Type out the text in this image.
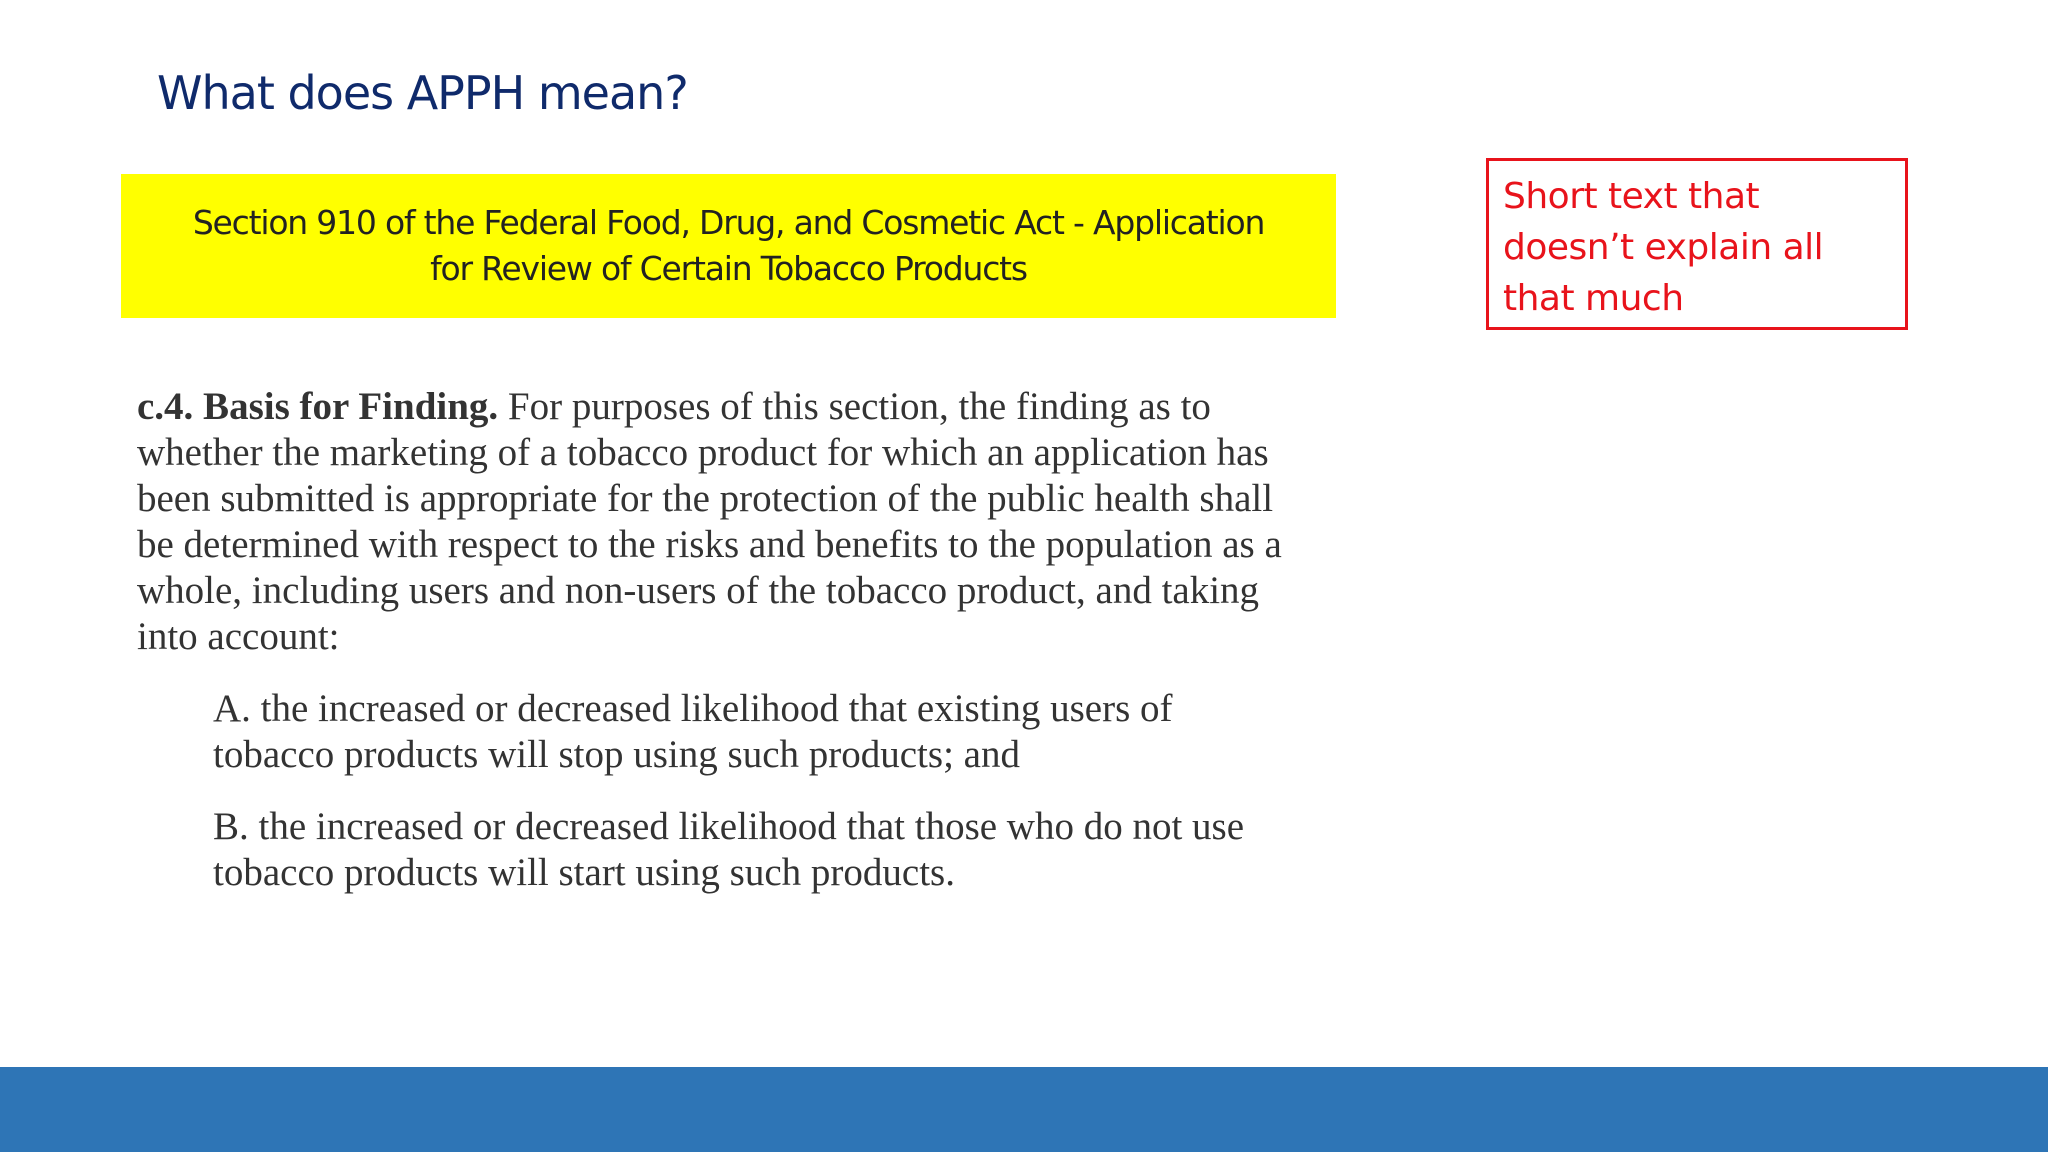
What does APPH mean?

Section 910 of the Federal Food, Drug, and Cosmetic Act - Application for Review of Certain Tobacco Products

Short text that doesn’t explain all that much

c.4. Basis for Finding. For purposes of this section, the finding as to whether the marketing of a tobacco product for which an application has been submitted is appropriate for the protection of the public health shall be determined with respect to the risks and benefits to the population as a whole, including users and non-users of the tobacco product, and taking into account:

A. the increased or decreased likelihood that existing users of tobacco products will stop using such products; and

B. the increased or decreased likelihood that those who do not use tobacco products will start using such products.
